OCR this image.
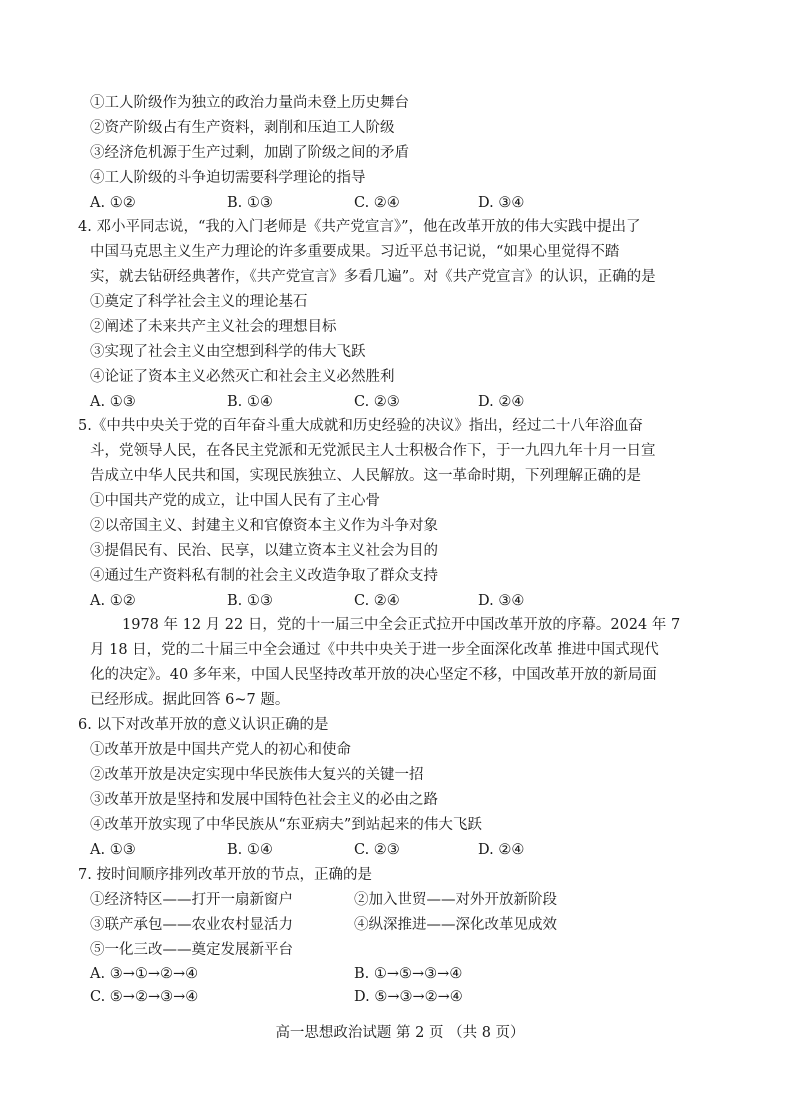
①工人阶级作为独立的政治力量尚未登上历史舞台
②资产阶级占有生产资料，剥削和压迫工人阶级
③经济危机源于生产过剩，加剧了阶级之间的矛盾
④工人阶级的斗争迫切需要科学理论的指导
A. ①②	B. ①③	C. ②④	D. ③④
4. 邓小平同志说，“我的入门老师是《共产党宣言》”，他在改革开放的伟大实践中提出了
中国马克思主义生产力理论的许多重要成果。习近平总书记说，“如果心里觉得不踏
实，就去钻研经典著作，《共产党宣言》多看几遍”。对《共产党宣言》的认识，正确的是
①奠定了科学社会主义的理论基石
②阐述了未来共产主义社会的理想目标
③实现了社会主义由空想到科学的伟大飞跃
④论证了资本主义必然灭亡和社会主义必然胜利
A. ①③	B. ①④	C. ②③	D. ②④
5.《中共中央关于党的百年奋斗重大成就和历史经验的决议》指出，经过二十八年浴血奋
斗，党领导人民，在各民主党派和无党派民主人士积极合作下，于一九四九年十月一日宣
告成立中华人民共和国，实现民族独立、人民解放。这一革命时期，下列理解正确的是
①中国共产党的成立，让中国人民有了主心骨
②以帝国主义、封建主义和官僚资本主义作为斗争对象
③提倡民有、民治、民享，以建立资本主义社会为目的
④通过生产资料私有制的社会主义改造争取了群众支持
A. ①②	B. ①③	C. ②④	D. ③④
1978 年 12 月 22 日，党的十一届三中全会正式拉开中国改革开放的序幕。2024 年 7
月 18 日，党的二十届三中全会通过《中共中央关于进一步全面深化改革 推进中国式现代
化的决定》。40 多年来，中国人民坚持改革开放的决心坚定不移，中国改革开放的新局面
已经形成。据此回答 6~7 题。
6. 以下对改革开放的意义认识正确的是
①改革开放是中国共产党人的初心和使命
②改革开放是决定实现中华民族伟大复兴的关键一招
③改革开放是坚持和发展中国特色社会主义的必由之路
④改革开放实现了中华民族从“东亚病夫”到站起来的伟大飞跃
A. ①③	B. ①④	C. ②③	D. ②④
7. 按时间顺序排列改革开放的节点，正确的是
①经济特区——打开一扇新窗户	②加入世贸——对外开放新阶段
③联产承包——农业农村显活力	④纵深推进——深化改革见成效
⑤一化三改——奠定发展新平台
A. ③→①→②→④	B. ①→⑤→③→④
C. ⑤→②→③→④	D. ⑤→③→②→④
高一思想政治试题 第 2 页 （共 8 页）
